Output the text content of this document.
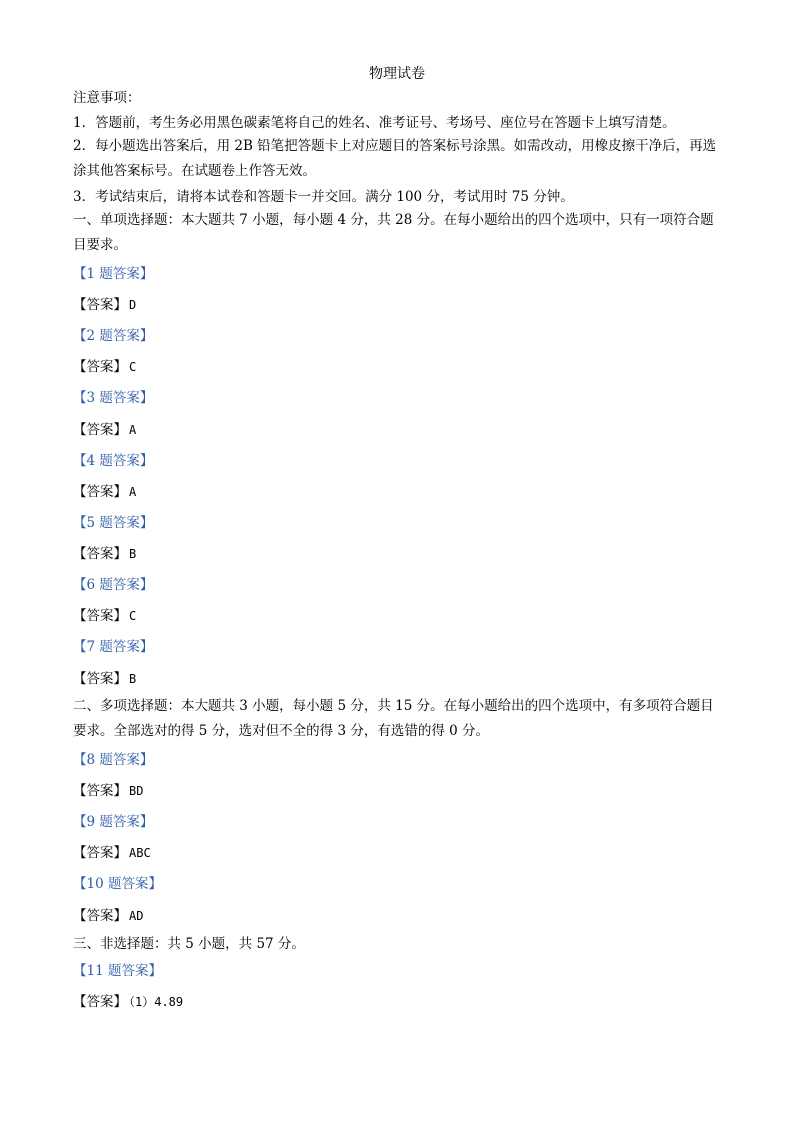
物理试卷
注意事项：
1．答题前，考生务必用黑色碳素笔将自己的姓名、准考证号、考场号、座位号在答题卡上填写清楚。
2．每小题选出答案后，用 2B 铅笔把答题卡上对应题目的答案标号涂黑。如需改动，用橡皮擦干净后，再选涂其他答案标号。在试题卷上作答无效。
3．考试结束后，请将本试卷和答题卡一并交回。满分 100 分，考试用时 75 分钟。
一、单项选择题：本大题共 7 小题，每小题 4 分，共 28 分。在每小题给出的四个选项中，只有一项符合题目要求。
【1 题答案】
【答案】 D
【2 题答案】
【答案】 C
【3 题答案】
【答案】 A
【4 题答案】
【答案】 A
【5 题答案】
【答案】 B
【6 题答案】
【答案】 C
【7 题答案】
【答案】 B
二、多项选择题：本大题共 3 小题，每小题 5 分，共 15 分。在每小题给出的四个选项中，有多项符合题目要求。全部选对的得 5 分，选对但不全的得 3 分，有选错的得 0 分。
【8 题答案】
【答案】 BD
【9 题答案】
【答案】 ABC
【10 题答案】
【答案】 AD
三、非选择题：共 5 小题，共 57 分。
【11 题答案】
【答案】 （1）4.89
